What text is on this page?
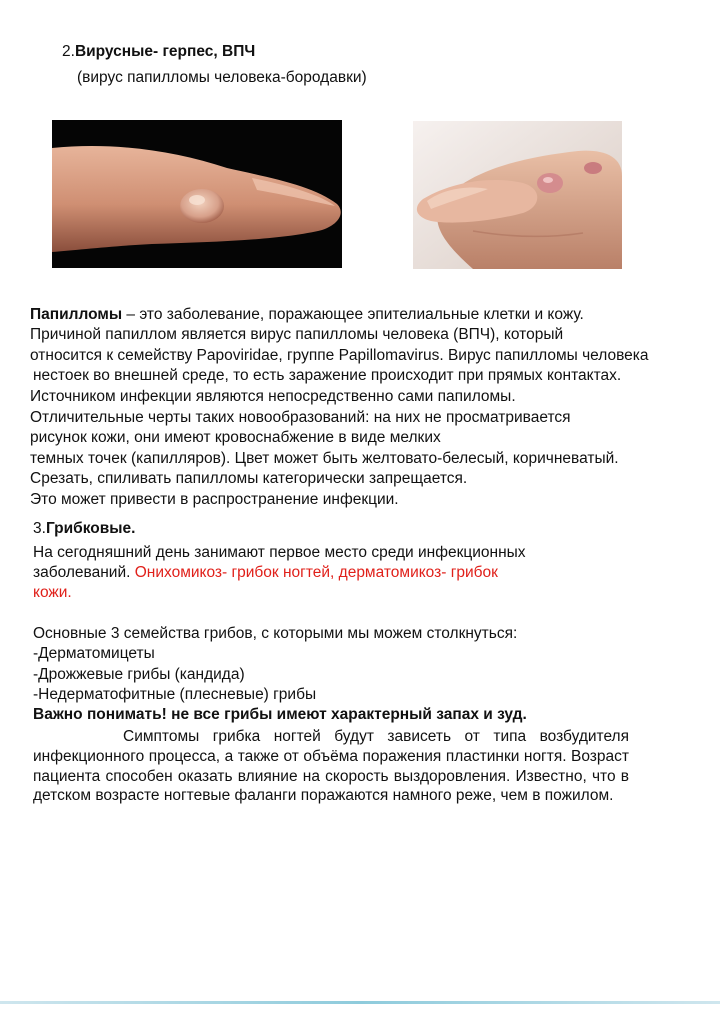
2.Вирусные- герпес, ВПЧ
(вирус папилломы человека-бородавки)
Папилломы – это заболевание, поражающее эпителиальные клетки и кожу.
Причиной папиллом является вирус папилломы человека (ВПЧ), который
относится к семейству Papoviridae, группе Papillomavirus. Вирус папилломы человека
нестоек во внешней среде, то есть заражение происходит при прямых контактах.
Источником инфекции являются непосредственно сами папиломы.
Отличительные черты таких новообразований: на них не просматривается
рисунок кожи, они имеют кровоснабжение в виде мелких
темных точек (капилляров). Цвет может быть желтовато-белесый, коричневатый.
Срезать, спиливать папилломы категорически запрещается.
Это может привести в распространение инфекции.
3.Грибковые.
На сегодняшний день занимают первое место среди инфекционных
заболеваний. Онихомикоз- грибок ногтей, дерматомикоз- грибок
кожи.
Основные 3 семейства грибов, с которыми мы можем столкнуться:
-Дерматомицеты
-Дрожжевые грибы (кандида)
-Недерматофитные (плесневые) грибы
Важно понимать! не все грибы имеют характерный запах и зуд.
Симптомы грибка ногтей будут зависеть от типа возбудителя инфекционного процесса, а также от объёма поражения пластинки ногтя. Возраст пациента способен оказать влияние на скорость выздоровления. Известно, что в детском возрасте ногтевые фаланги поражаются намного реже, чем в пожилом.
